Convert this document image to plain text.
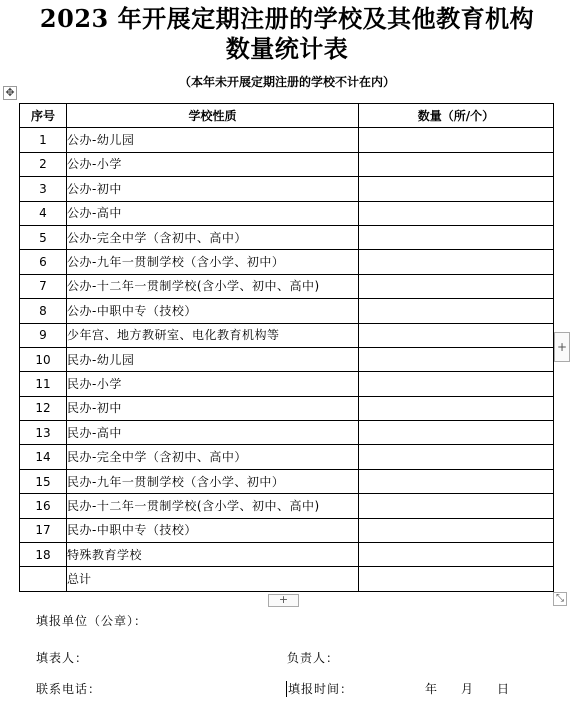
2023 年开展定期注册的学校及其他教育机构
数量统计表
（本年未开展定期注册的学校不计在内）
✥
序号	学校性质	数量（所/个）
1	公办-幼儿园	
2	公办-小学	
3	公办-初中	
4	公办-高中	
5	公办-完全中学（含初中、高中）	
6	公办-九年一贯制学校（含小学、初中）	
7	公办-十二年一贯制学校(含小学、初中、高中)	
8	公办-中职中专（技校）	
9	少年宫、地方教研室、电化教育机构等	
10	民办-幼儿园	
11	民办-小学	
12	民办-初中	
13	民办-高中	
14	民办-完全中学（含初中、高中）	
15	民办-九年一贯制学校（含小学、初中）	
16	民办-十二年一贯制学校(含小学、初中、高中)	
17	民办-中职中专（技校）	
18	特殊教育学校	
	总计	
+
+	⤡
填报单位（公章）：
填表人：	负责人：
联系电话：	填报时间：	年 月 日
